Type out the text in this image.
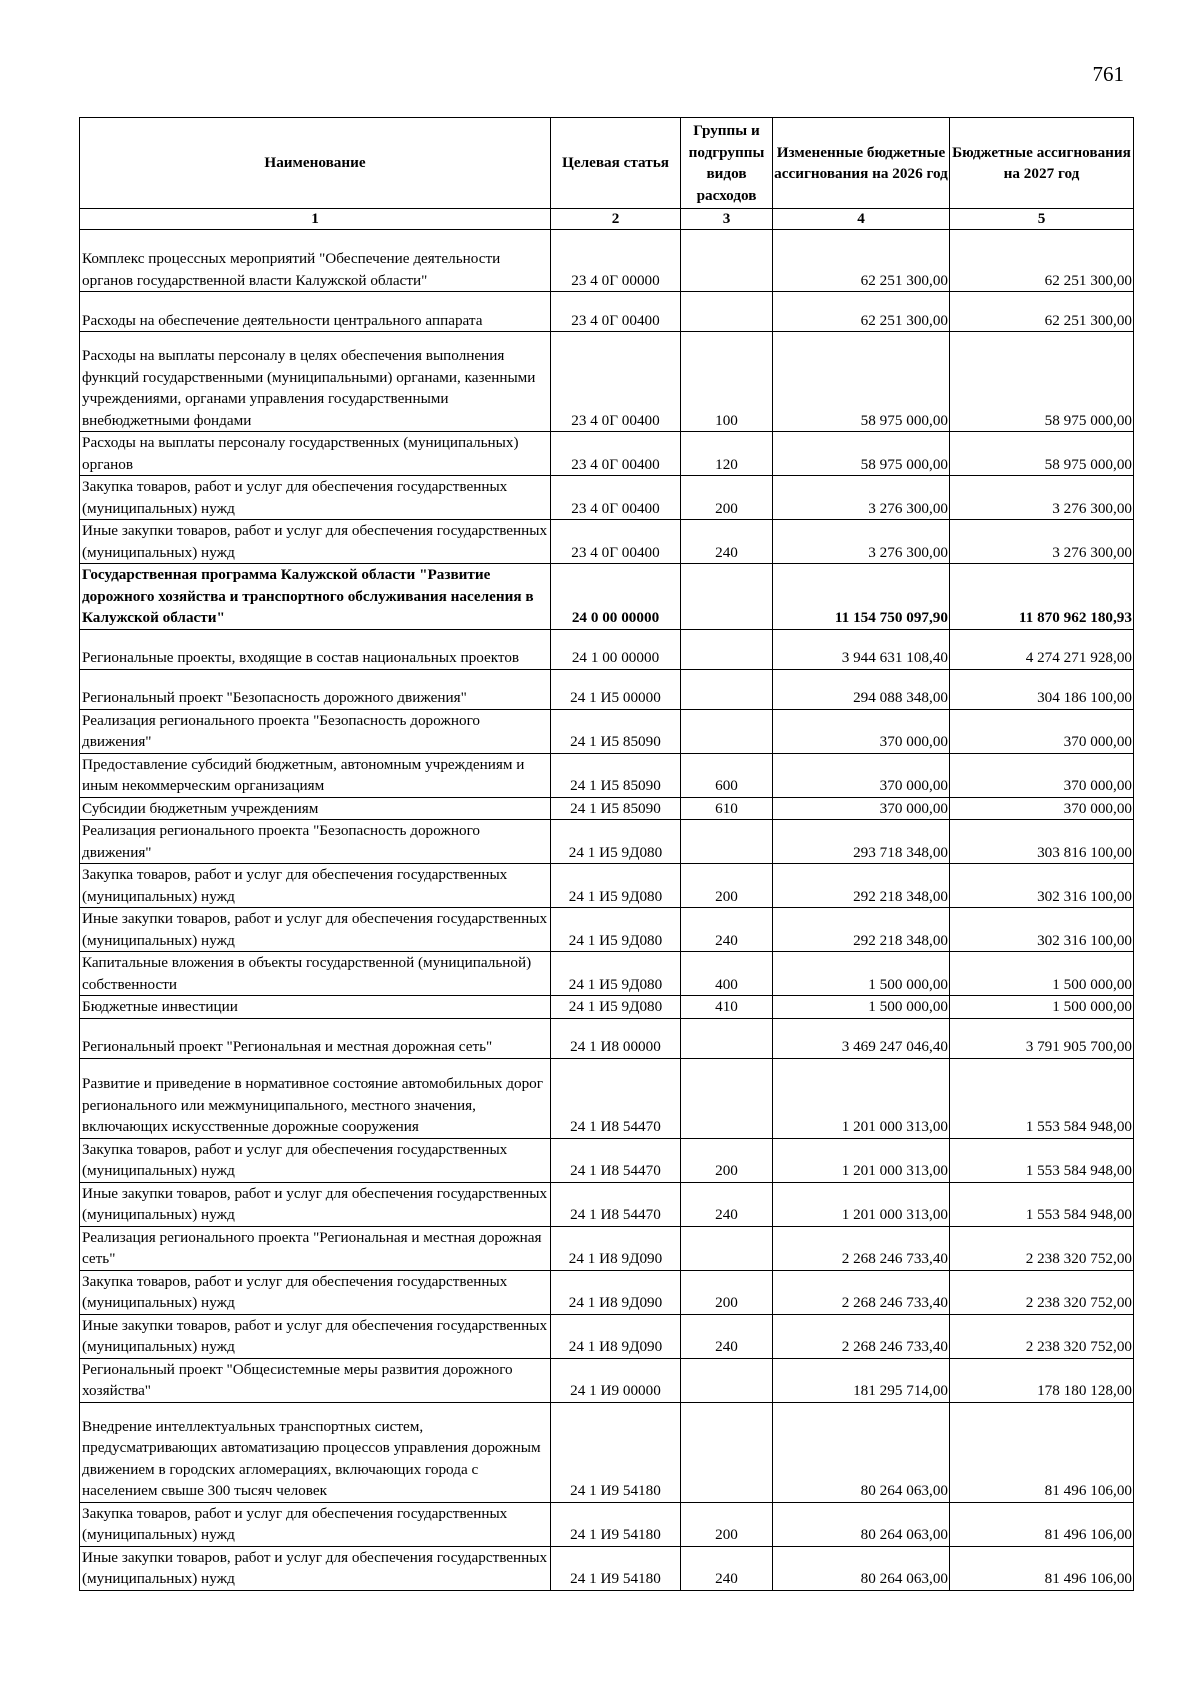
761
Наименование	Целевая статья	Группы и подгруппы видов расходов	Измененные бюджетные ассигнования на 2026 год	Бюджетные ассигнования на 2027 год
1	2	3	4	5
Комплекс процессных мероприятий "Обеспечение деятельности органов государственной власти Калужской области"	23 4 0Г 00000		62 251 300,00	62 251 300,00
Расходы на обеспечение деятельности центрального аппарата	23 4 0Г 00400		62 251 300,00	62 251 300,00
Расходы на выплаты персоналу в целях обеспечения выполнения функций государственными (муниципальными) органами, казенными учреждениями, органами управления государственными внебюджетными фондами	23 4 0Г 00400	100	58 975 000,00	58 975 000,00
Расходы на выплаты персоналу государственных (муниципальных) органов	23 4 0Г 00400	120	58 975 000,00	58 975 000,00
Закупка товаров, работ и услуг для обеспечения государственных (муниципальных) нужд	23 4 0Г 00400	200	3 276 300,00	3 276 300,00
Иные закупки товаров, работ и услуг для обеспечения государственных (муниципальных) нужд	23 4 0Г 00400	240	3 276 300,00	3 276 300,00
Государственная программа Калужской области "Развитие дорожного хозяйства и транспортного обслуживания населения в Калужской области"	24 0 00 00000		11 154 750 097,90	11 870 962 180,93
Региональные проекты, входящие в состав национальных проектов	24 1 00 00000		3 944 631 108,40	4 274 271 928,00
Региональный проект "Безопасность дорожного движения"	24 1 И5 00000		294 088 348,00	304 186 100,00
Реализация регионального проекта "Безопасность дорожного движения"	24 1 И5 85090		370 000,00	370 000,00
Предоставление субсидий бюджетным, автономным учреждениям и иным некоммерческим организациям	24 1 И5 85090	600	370 000,00	370 000,00
Субсидии бюджетным учреждениям	24 1 И5 85090	610	370 000,00	370 000,00
Реализация регионального проекта "Безопасность дорожного движения"	24 1 И5 9Д080		293 718 348,00	303 816 100,00
Закупка товаров, работ и услуг для обеспечения государственных (муниципальных) нужд	24 1 И5 9Д080	200	292 218 348,00	302 316 100,00
Иные закупки товаров, работ и услуг для обеспечения государственных (муниципальных) нужд	24 1 И5 9Д080	240	292 218 348,00	302 316 100,00
Капитальные вложения в объекты государственной (муниципальной) собственности	24 1 И5 9Д080	400	1 500 000,00	1 500 000,00
Бюджетные инвестиции	24 1 И5 9Д080	410	1 500 000,00	1 500 000,00
Региональный проект "Региональная и местная дорожная сеть"	24 1 И8 00000		3 469 247 046,40	3 791 905 700,00
Развитие и приведение в нормативное состояние автомобильных дорог регионального или межмуниципального, местного значения, включающих искусственные дорожные сооружения	24 1 И8 54470		1 201 000 313,00	1 553 584 948,00
Закупка товаров, работ и услуг для обеспечения государственных (муниципальных) нужд	24 1 И8 54470	200	1 201 000 313,00	1 553 584 948,00
Иные закупки товаров, работ и услуг для обеспечения государственных (муниципальных) нужд	24 1 И8 54470	240	1 201 000 313,00	1 553 584 948,00
Реализация регионального проекта "Региональная и местная дорожная сеть"	24 1 И8 9Д090		2 268 246 733,40	2 238 320 752,00
Закупка товаров, работ и услуг для обеспечения государственных (муниципальных) нужд	24 1 И8 9Д090	200	2 268 246 733,40	2 238 320 752,00
Иные закупки товаров, работ и услуг для обеспечения государственных (муниципальных) нужд	24 1 И8 9Д090	240	2 268 246 733,40	2 238 320 752,00
Региональный проект "Общесистемные меры развития дорожного хозяйства"	24 1 И9 00000		181 295 714,00	178 180 128,00
Внедрение интеллектуальных транспортных систем, предусматривающих автоматизацию процессов управления дорожным движением в городских агломерациях, включающих города с населением свыше 300 тысяч человек	24 1 И9 54180		80 264 063,00	81 496 106,00
Закупка товаров, работ и услуг для обеспечения государственных (муниципальных) нужд	24 1 И9 54180	200	80 264 063,00	81 496 106,00
Иные закупки товаров, работ и услуг для обеспечения государственных (муниципальных) нужд	24 1 И9 54180	240	80 264 063,00	81 496 106,00
